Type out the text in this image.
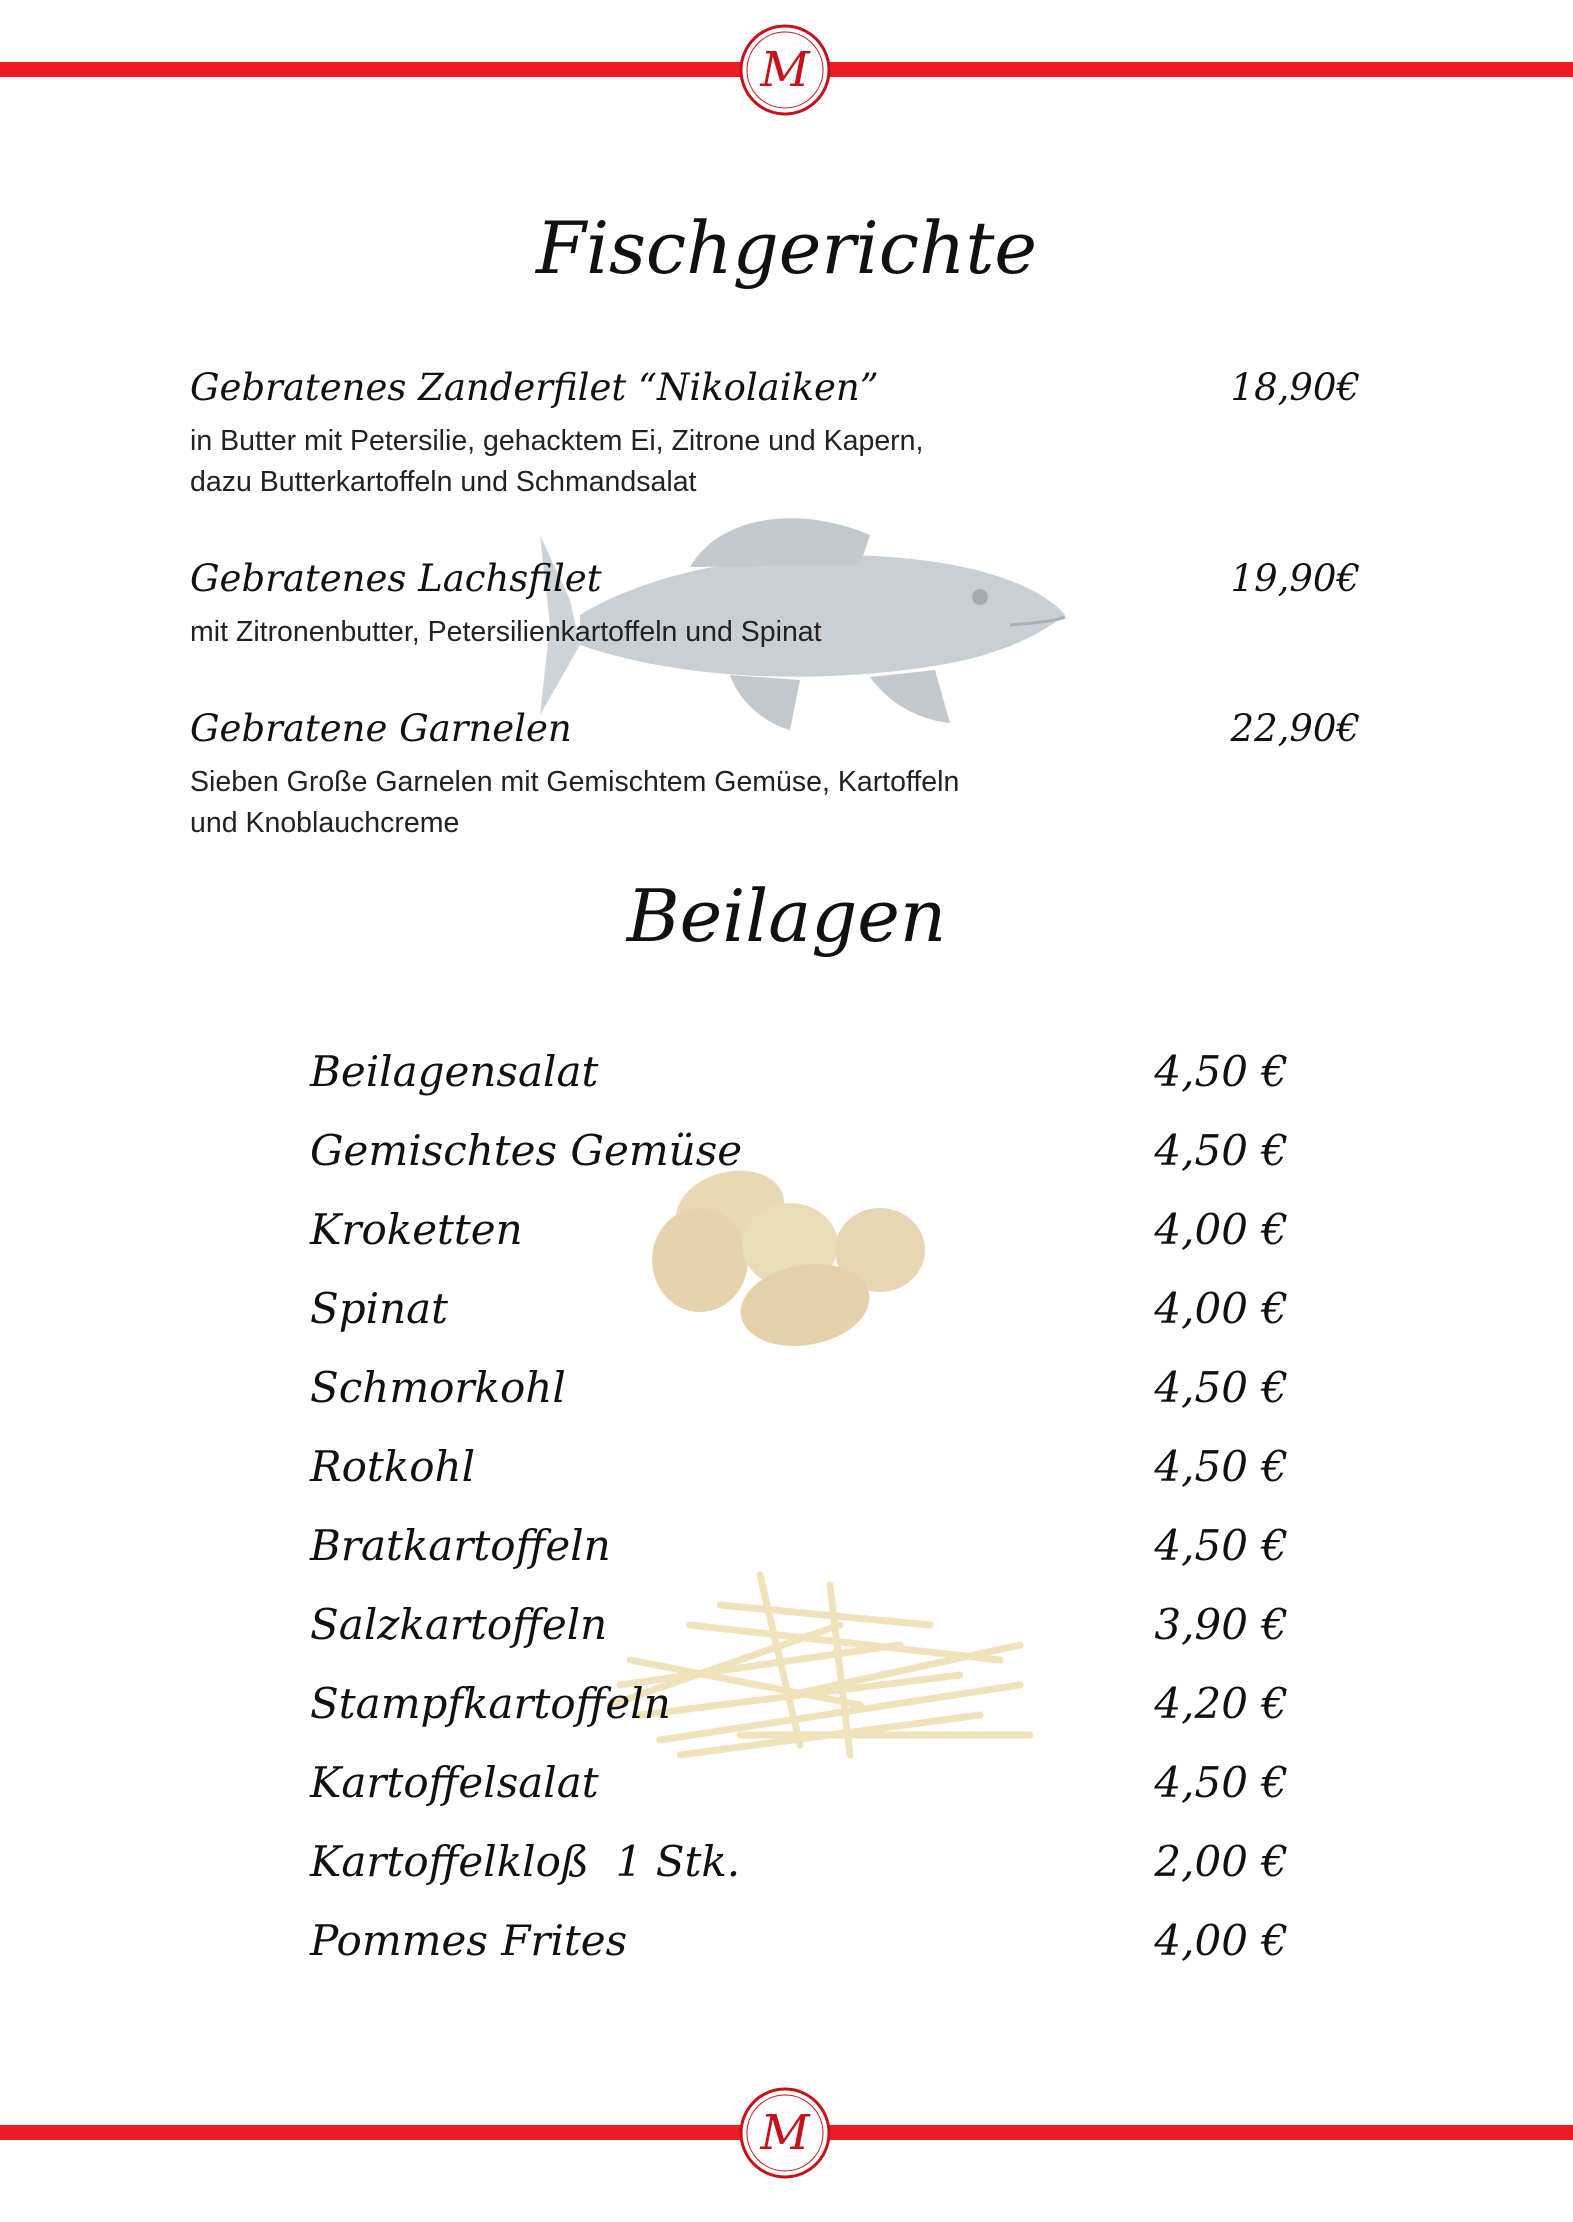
M
Fischgerichte
Gebratenes Zanderfilet “Nikolaiken”	18,90€
in Butter mit Petersilie, gehacktem Ei, Zitrone und Kapern,
dazu Butterkartoffeln und Schmandsalat
Gebratenes Lachsfilet	19,90€
mit Zitronenbutter, Petersilienkartoffeln und Spinat
Gebratene Garnelen	22,90€
Sieben Große Garnelen mit Gemischtem Gemüse, Kartoffeln
und Knoblauchcreme
Beilagen
Beilagensalat	4,50 €
Gemischtes Gemüse	4,50 €
Kroketten	4,00 €
Spinat	4,00 €
Schmorkohl	4,50 €
Rotkohl	4,50 €
Bratkartoffeln	4,50 €
Salzkartoffeln	3,90 €
Stampfkartoffeln	4,20 €
Kartoffelsalat	4,50 €
Kartoffelkloß  1 Stk.	2,00 €
Pommes Frites	4,00 €
M
